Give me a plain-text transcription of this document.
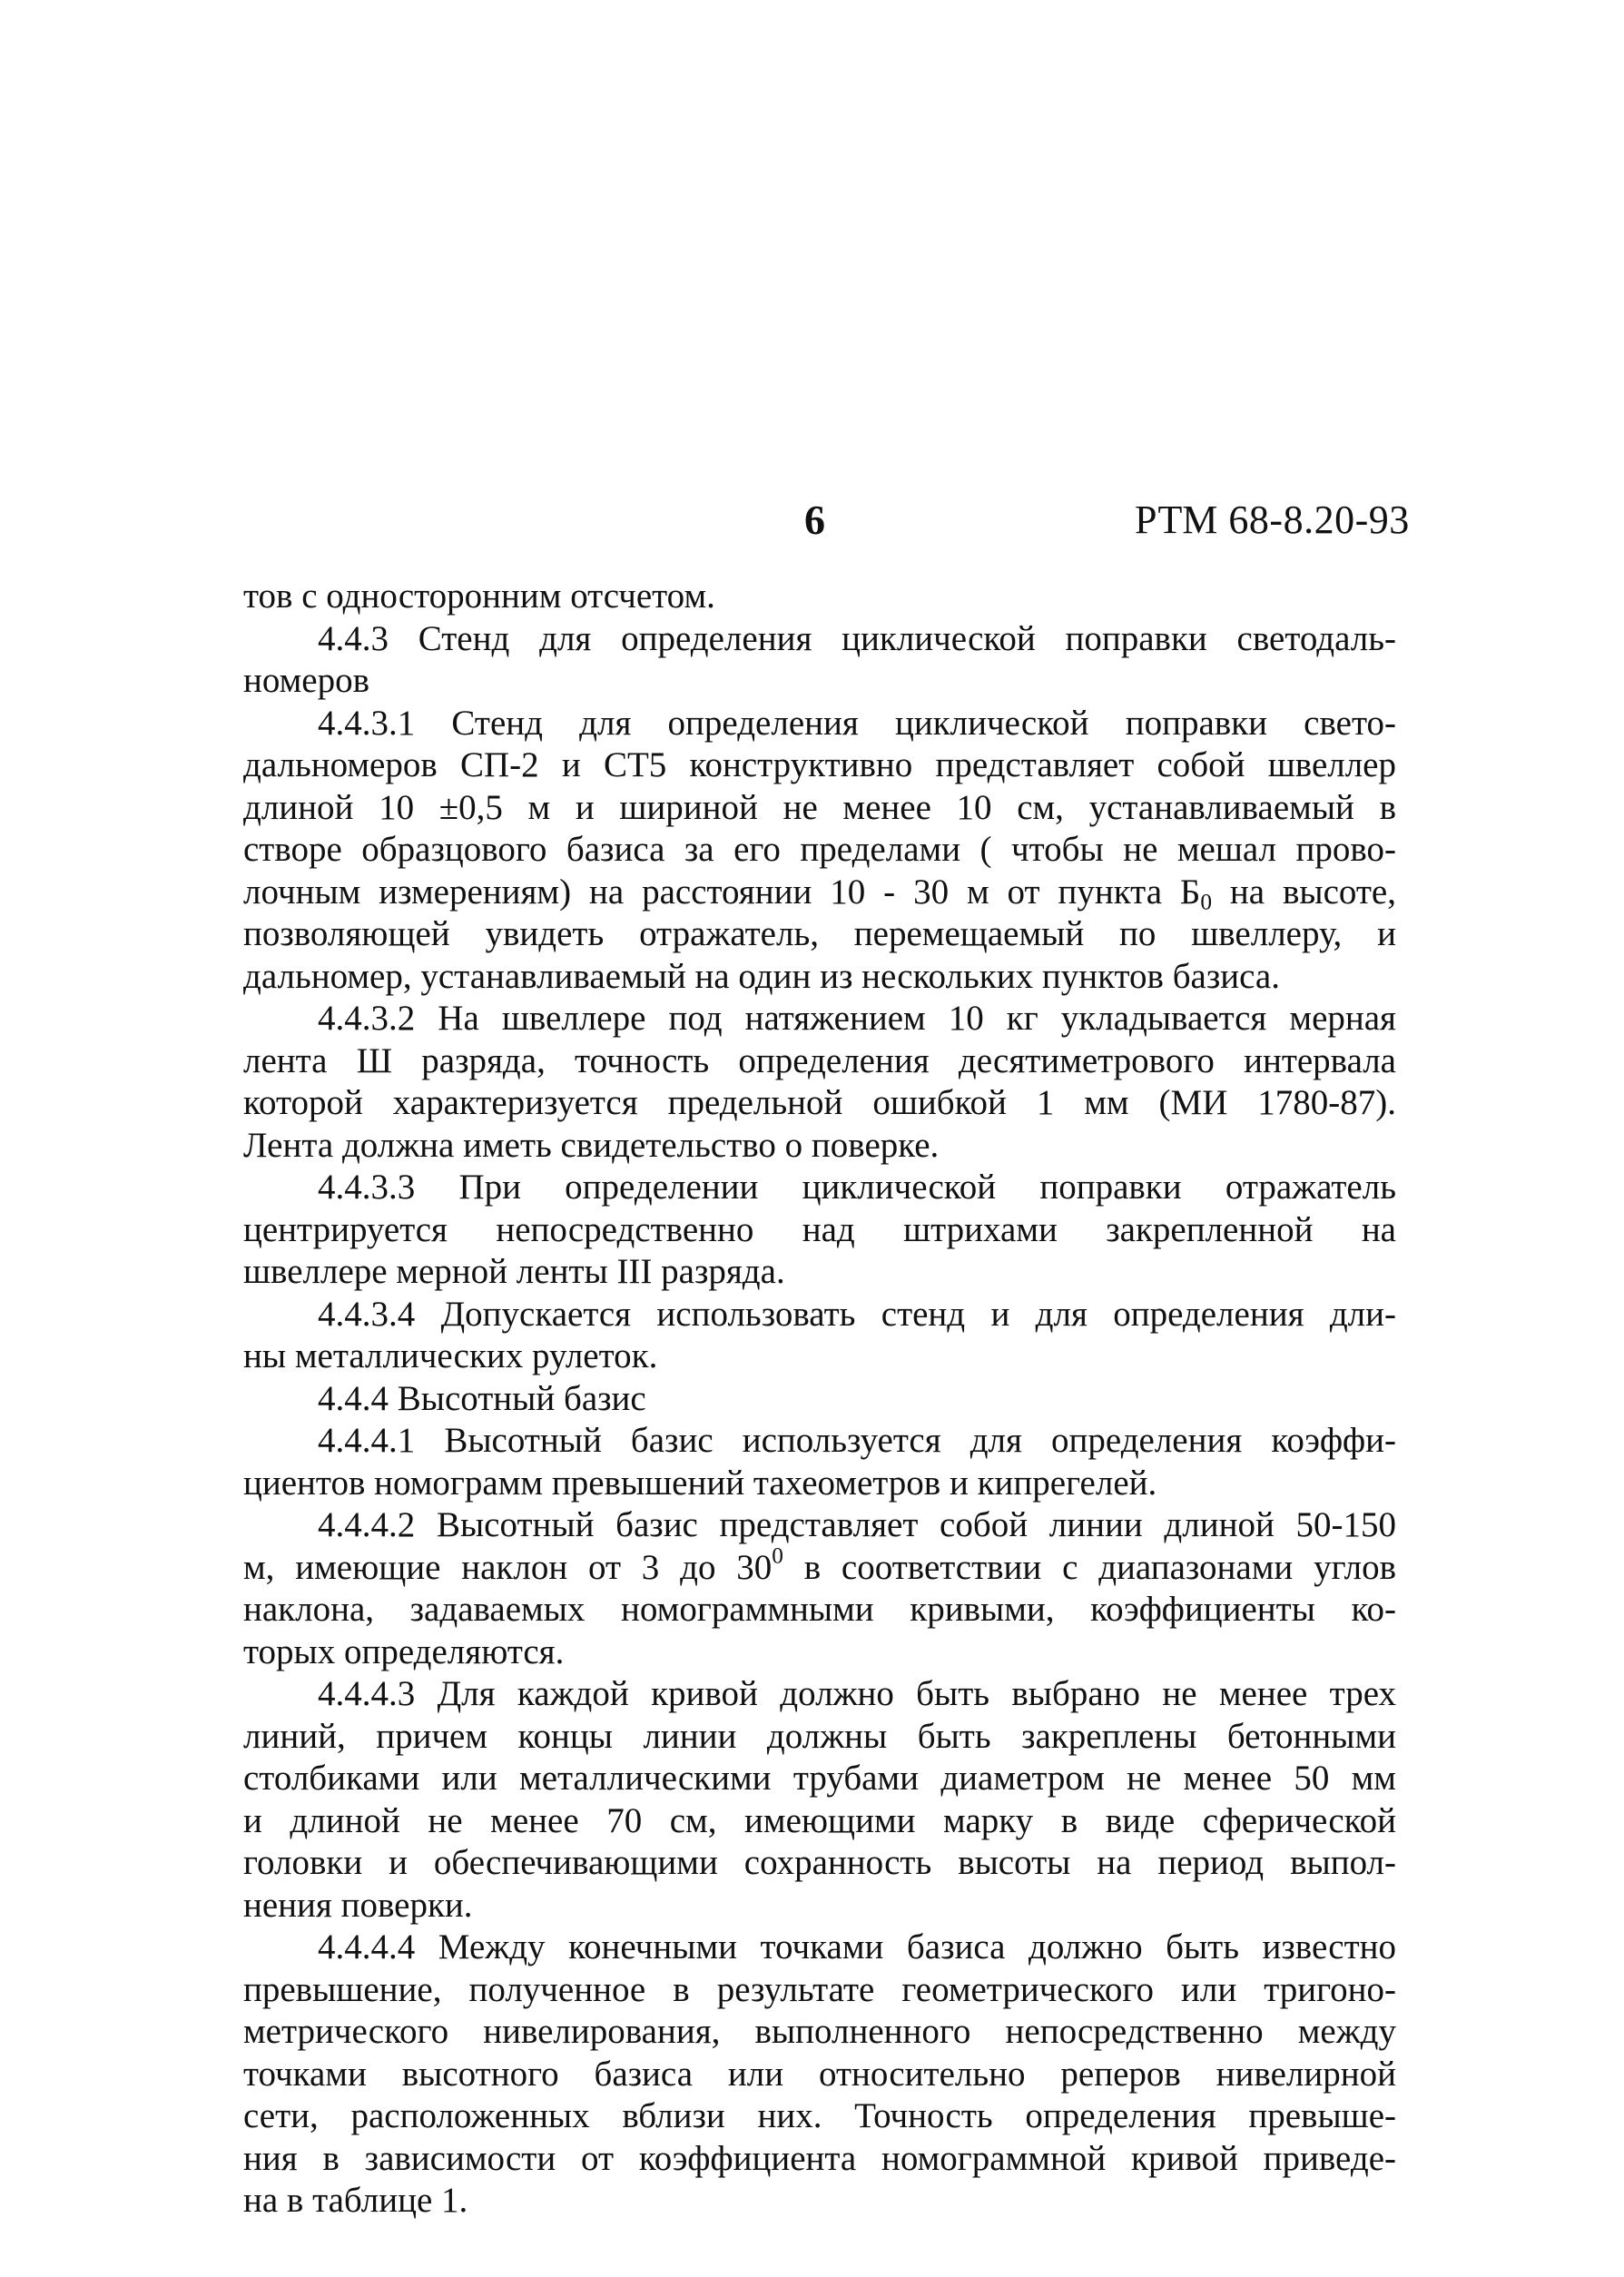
6	РТМ 68-8.20-93
тов с односторонним отсчетом.
4.4.3 Стенд для определения циклической поправки светодаль-
номеров
4.4.3.1 Стенд для определения циклической поправки свето-
дальномеров СП-2 и СТ5 конструктивно представляет собой швеллер
длиной 10 ±0,5 м и шириной не менее 10 см, устанавливаемый в
створе образцового базиса за его пределами ( чтобы не мешал прово-
лочным измерениям) на расстоянии 10 - 30 м от пункта $Б_0$ на высоте,
позволяющей увидеть отражатель, перемещаемый по швеллеру, и
дальномер, устанавливаемый на один из нескольких пунктов базиса.
4.4.3.2 На швеллере под натяжением 10 кг укладывается мерная
лента Ш разряда, точность определения десятиметрового интервала
которой характеризуется предельной ошибкой 1 мм (МИ 1780-87).
Лента должна иметь свидетельство о поверке.
4.4.3.3 При определении циклической поправки отражатель
центрируется непосредственно над штрихами закрепленной на
швеллере мерной ленты III разряда.
4.4.3.4 Допускается использовать стенд и для определения дли-
ны металлических рулеток.
4.4.4 Высотный базис
4.4.4.1 Высотный базис используется для определения коэффи-
циентов номограмм превышений тахеометров и кипрегелей.
4.4.4.2 Высотный базис представляет собой линии длиной 50-150
м, имеющие наклон от 3 до $30^0$ в соответствии с диапазонами углов
наклона, задаваемых номограммными кривыми, коэффициенты ко-
торых определяются.
4.4.4.3 Для каждой кривой должно быть выбрано не менее трех
линий, причем концы линии должны быть закреплены бетонными
столбиками или металлическими трубами диаметром не менее 50 мм
и длиной не менее 70 см, имеющими марку в виде сферической
головки и обеспечивающими сохранность высоты на период выпол-
нения поверки.
4.4.4.4 Между конечными точками базиса должно быть известно
превышение, полученное в результате геометрического или тригоно-
метрического нивелирования, выполненного непосредственно между
точками высотного базиса или относительно реперов нивелирной
сети, расположенных вблизи них. Точность определения превыше-
ния в зависимости от коэффициента номограммной кривой приведе-
на в таблице 1.
